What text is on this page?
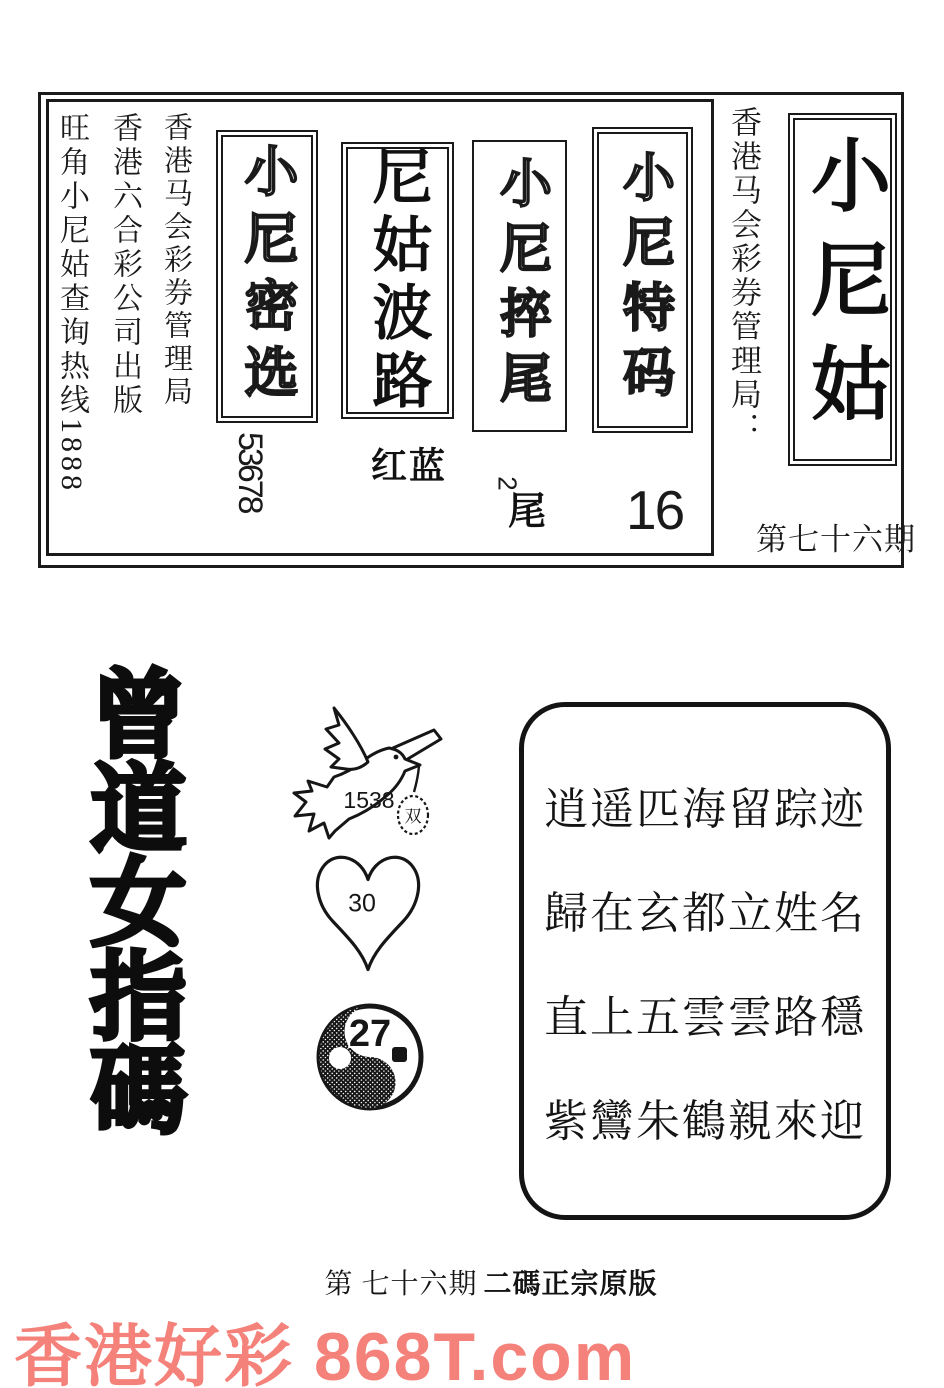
旺角小尼姑查询热线1888 香港六合彩公司出版 香港马会彩券管理局 小尼密选
53678
尼姑波路
红蓝
小尼捽尾
2
尾
小尼特码
16
香港马会彩券管理局： 小尼姑
第七十六期
曾道女指碼	双
1538
30
27
逍遥匹海留踪迹
歸在玄都立姓名
直上五雲雲路穩
紫鸞朱鶴親來迎
第 七十六期 二碼正宗原版
香港好彩 868T.com
